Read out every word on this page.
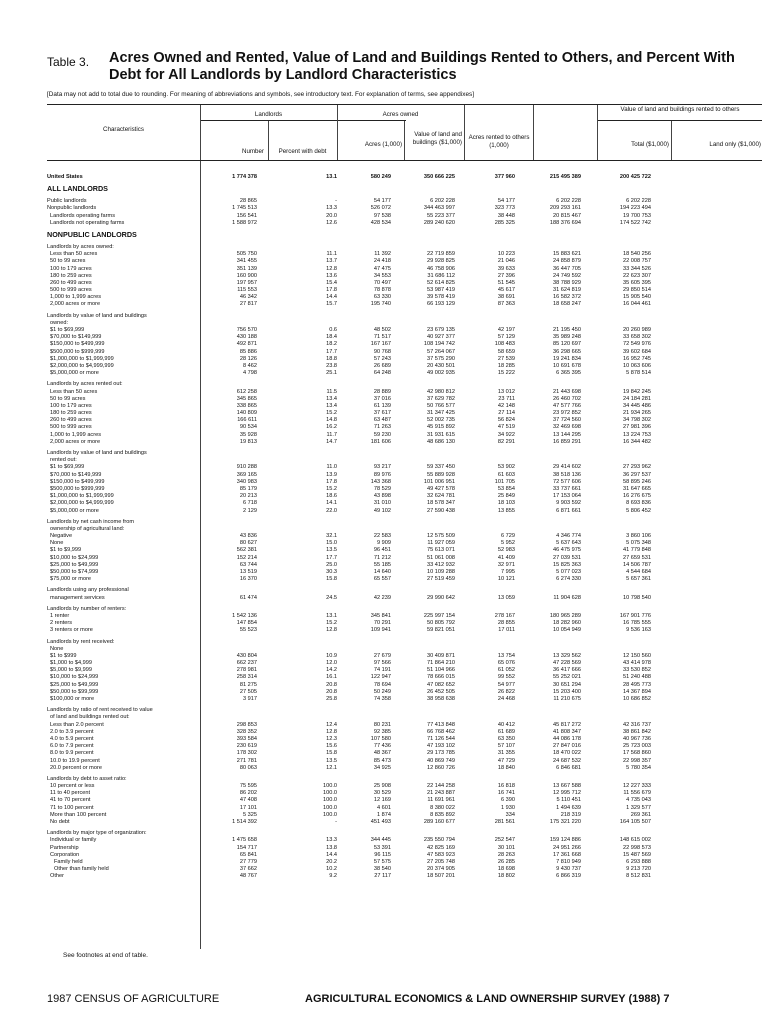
Table 3. Acres Owned and Rented, Value of Land and Buildings Rented to Others, and Percent With Debt for All Landlords by Landlord Characteristics
[Data may not add to total due to rounding. For meaning of abbreviations and symbols, see introductory text. For explanation of terms, see appendixes]
Characteristics
Landlords
Number	Percent with debt
Acres owned
Acres (1,000)
Value of land and buildings ($1,000)
Acres rented to others (1,000)
Value of land and buildings rented to others
Total ($1,000)	Land only ($1,000)
United States	1 774 378	13.1	580 249	350 666 225	377 960	215 495 389	200 425 722
ALL LANDLORDS
Public landlords	28 865	-	54 177	6 202 228	54 177	6 202 228	6 202 228
Nonpublic landlords	1 745 513	13.3	526 072	344 463 997	323 773	209 293 161	194 223 494
Landlords operating farms	156 541	20.0	97 538	55 223 377	38 448	20 815 467	19 700 753
Landlords not operating farms	1 588 972	12.6	428 534	289 240 620	285 325	188 376 694	174 522 742
NONPUBLIC LANDLORDS
Landlords by acres owned:
Less than 50 acres	505 750	11.1	11 392	22 719 859	10 223	15 883 621	18 540 256
50 to 99 acres	341 455	13.7	24 418	29 928 825	21 046	24 858 879	22 008 757
100 to 179 acres	351 139	12.8	47 475	46 758 906	39 633	36 447 705	33 344 526
180 to 259 acres	160 900	13.6	34 553	31 686 112	27 396	24 749 592	22 623 307
260 to 499 acres	197 957	15.4	70 497	52 614 825	51 545	38 788 929	35 605 395
500 to 999 acres	115 553	17.8	78 878	53 987 419	45 617	31 624 819	29 850 514
1,000 to 1,999 acres	46 342	14.4	63 330	39 578 419	38 691	16 582 372	15 905 540
2,000 acres or more	27 817	15.7	195 740	66 193 129	87 363	18 658 247	16 044 461
Landlords by value of land and buildings
owned:
$1 to $69,999	756 570	0.6	48 502	23 679 135	42 197	21 195 450	20 260 989
$70,000 to $149,999	430 188	18.4	71 517	40 927 377	57 129	35 989 248	33 658 302
$150,000 to $499,999	492 871	18.2	167 167	108 194 742	108 483	85 120 697	72 549 976
$500,000 to $999,999	85 886	17.7	90 768	57 264 067	58 659	36 298 665	39 602 684
$1,000,000 to $1,999,999	28 126	18.8	57 243	37 575 290	27 539	19 241 834	16 952 745
$2,000,000 to $4,999,999	8 462	23.8	26 689	20 430 501	18 285	10 691 678	10 063 606
$5,000,000 or more	4 798	25.1	64 248	49 002 935	15 222	6 365 395	5 878 514
Landlords by acres rented out:
Less than 50 acres	612 258	11.5	28 889	42 980 812	13 012	21 443 698	19 842 245
50 to 99 acres	345 865	13.4	37 016	37 629 782	23 711	26 460 702	24 184 281
100 to 179 acres	338 865	13.4	61 139	50 766 577	42 148	47 577 766	34 445 486
180 to 259 acres	140 809	15.2	37 617	31 347 425	27 114	23 972 852	21 934 265
260 to 499 acres	166 611	14.8	63 487	52 002 735	56 824	37 724 560	34 798 302
500 to 999 acres	90 534	16.2	71 263	45 915 892	47 519	32 469 698	27 981 396
1,000 to 1,999 acres	35 928	11.7	59 230	31 931 615	34 922	13 144 295	13 224 753
2,000 acres or more	19 813	14.7	181 606	48 686 130	82 291	16 859 291	16 344 482
Landlords by value of land and buildings
rented out:
$1 to $69,999	910 288	11.0	93 217	59 337 450	53 902	29 414 602	27 293 962
$70,000 to $149,999	369 165	13.9	89 976	55 889 928	61 603	38 518 136	36 297 537
$150,000 to $499,999	340 983	17.8	143 368	101 006 951	101 705	72 577 606	58 895 246
$500,000 to $999,999	85 179	15.2	78 529	49 427 578	53 854	33 737 661	31 647 665
$1,000,000 to $1,999,999	20 213	18.6	43 898	32 624 781	25 849	17 153 064	16 276 675
$2,000,000 to $4,999,999	6 718	14.1	31 010	18 578 347	18 103	9 903 592	8 693 836
$5,000,000 or more	2 129	22.0	49 102	27 590 438	13 855	6 871 661	5 806 452
Landlords by net cash income from
ownership of agricultural land:
Negative	43 836	32.1	22 583	12 575 509	6 729	4 346 774	3 860 106
None	80 627	15.0	9 909	11 927 059	5 952	5 637 643	5 075 348
$1 to $9,999	562 381	13.5	96 451	75 613 071	52 983	46 475 975	41 779 848
$10,000 to $24,999	152 214	17.7	71 212	51 061 008	41 409	27 039 531	27 659 531
$25,000 to $49,999	63 744	25.0	55 185	33 412 932	32 971	15 825 363	14 506 787
$50,000 to $74,999	13 519	30.3	14 640	10 109 288	7 995	5 077 023	4 544 684
$75,000 or more	16 370	15.8	65 557	27 519 459	10 121	6 274 330	5 657 361
Landlords using any professional
management services	61 474	24.5	42 239	29 990 642	13 059	11 904 628	10 798 540
Landlords by number of renters:
1 renter	1 542 136	13.1	345 841	225 997 154	278 167	180 965 289	167 901 776
2 renters	147 854	15.2	70 291	50 805 792	28 855	18 282 960	16 785 555
3 renters or more	55 523	12.8	109 941	59 821 051	17 011	10 054 949	9 536 163
Landlords by rent received:
None
$1 to $999	430 804	10.9	27 679	30 409 871	13 754	13 329 562	12 150 560
$1,000 to $4,999	662 237	12.0	97 566	71 864 210	65 076	47 228 569	43 414 978
$5,000 to $9,999	278 981	14.2	74 191	51 104 966	61 052	36 417 666	33 530 852
$10,000 to $24,999	258 314	16.1	122 947	78 666 015	99 552	55 252 021	51 240 488
$25,000 to $49,999	81 275	20.8	78 694	47 082 652	54 977	30 651 294	28 495 773
$50,000 to $99,999	27 505	20.8	50 249	26 452 505	26 822	15 203 400	14 367 894
$100,000 or more	3 917	25.8	74 358	38 958 638	24 468	11 210 675	10 686 852
Landlords by ratio of rent received to value
of land and buildings rented out:
Less than 2.0 percent	298 853	12.4	80 231	77 413 848	40 412	45 817 272	42 316 737
2.0 to 3.9 percent	328 352	12.8	92 385	66 768 462	61 689	41 808 347	38 861 842
4.0 to 5.9 percent	393 584	12.3	107 580	71 126 544	63 350	44 086 178	40 967 736
6.0 to 7.9 percent	230 619	15.6	77 436	47 193 102	57 107	27 847 016	25 723 003
8.0 to 9.9 percent	178 302	15.8	48 367	29 173 785	31 355	18 470 022	17 568 860
10.0 to 19.9 percent	271 781	13.5	85 473	40 869 749	47 729	24 687 532	22 998 357
20.0 percent or more	80 063	12.1	34 925	12 860 726	18 840	6 846 681	5 780 354
Landlords by debt to asset ratio:
10 percent or less	75 595	100.0	25 908	22 144 258	16 818	13 667 588	12 227 333
11 to 40 percent	86 202	100.0	30 529	21 243 887	16 741	12 995 712	11 556 679
41 to 70 percent	47 408	100.0	12 169	11 691 961	6 390	5 110 451	4 735 043
71 to 100 percent	17 101	100.0	4 601	8 380 022	1 930	1 494 639	1 329 577
More than 100 percent	5 325	100.0	1 874	8 835 892	334	218 319	269 361
No debt	1 514 392	-	451 493	289 160 677	281 561	175 321 220	164 105 507
Landlords by major type of organization:
Individual or family	1 475 658	13.3	344 445	235 550 794	252 547	159 124 886	148 615 002
Partnership	154 717	13.8	53 391	42 825 169	30 101	24 951 266	22 998 573
Corporation	65 841	14.4	96 115	47 583 923	28 263	17 361 668	15 487 569
Family held	27 779	20.2	57 575	27 205 748	26 285	7 810 949	6 293 888
Other than family held	37 662	10.2	38 540	20 374 905	18 698	9 430 737	9 213 720
Other	48 767	9.2	27 117	18 507 201	18 802	6 866 319	8 512 831
See footnotes at end of table.
1987 CENSUS OF AGRICULTURE	AGRICULTURAL ECONOMICS & LAND OWNERSHIP SURVEY (1988) 7
